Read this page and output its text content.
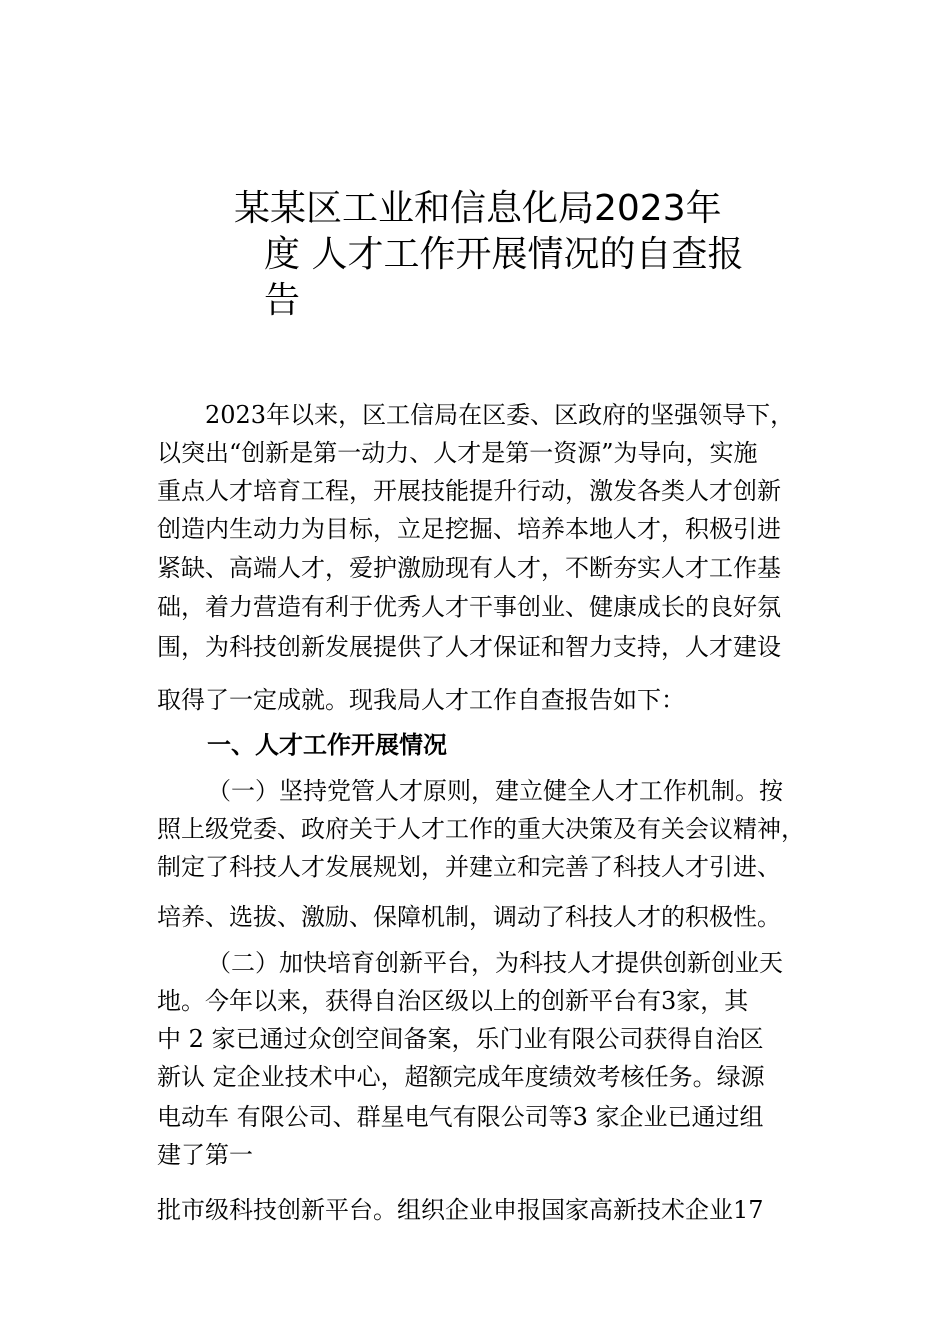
某某区工业和信息化局2023年
度 人才工作开展情况的自查报
告
2023年以来，区工信局在区委、区政府的坚强领导下，
以突出“创新是第一动力、人才是第一资源”为导向，实施
重点人才培育工程，开展技能提升行动，激发各类人才创新
创造内生动力为目标，立足挖掘、培养本地人才，积极引进
紧缺、高端人才，爱护激励现有人才，不断夯实人才工作基
础，着力营造有利于优秀人才干事创业、健康成长的良好氛
围，为科技创新发展提供了人才保证和智力支持，人才建设
取得了一定成就。现我局人才工作自查报告如下：
一、人才工作开展情况
（一）坚持党管人才原则，建立健全人才工作机制。按
照上级党委、政府关于人才工作的重大决策及有关会议精神，
制定了科技人才发展规划，并建立和完善了科技人才引进、
培养、选拔、激励、保障机制，调动了科技人才的积极性。
（二）加快培育创新平台，为科技人才提供创新创业天
地。今年以来，获得自治区级以上的创新平台有3家，其
中 2 家已通过众创空间备案，乐门业有限公司获得自治区
新认 定企业技术中心，超额完成年度绩效考核任务。绿源
电动车 有限公司、群星电气有限公司等3 家企业已通过组
建了第一
批市级科技创新平台。组织企业申报国家高新技术企业17
